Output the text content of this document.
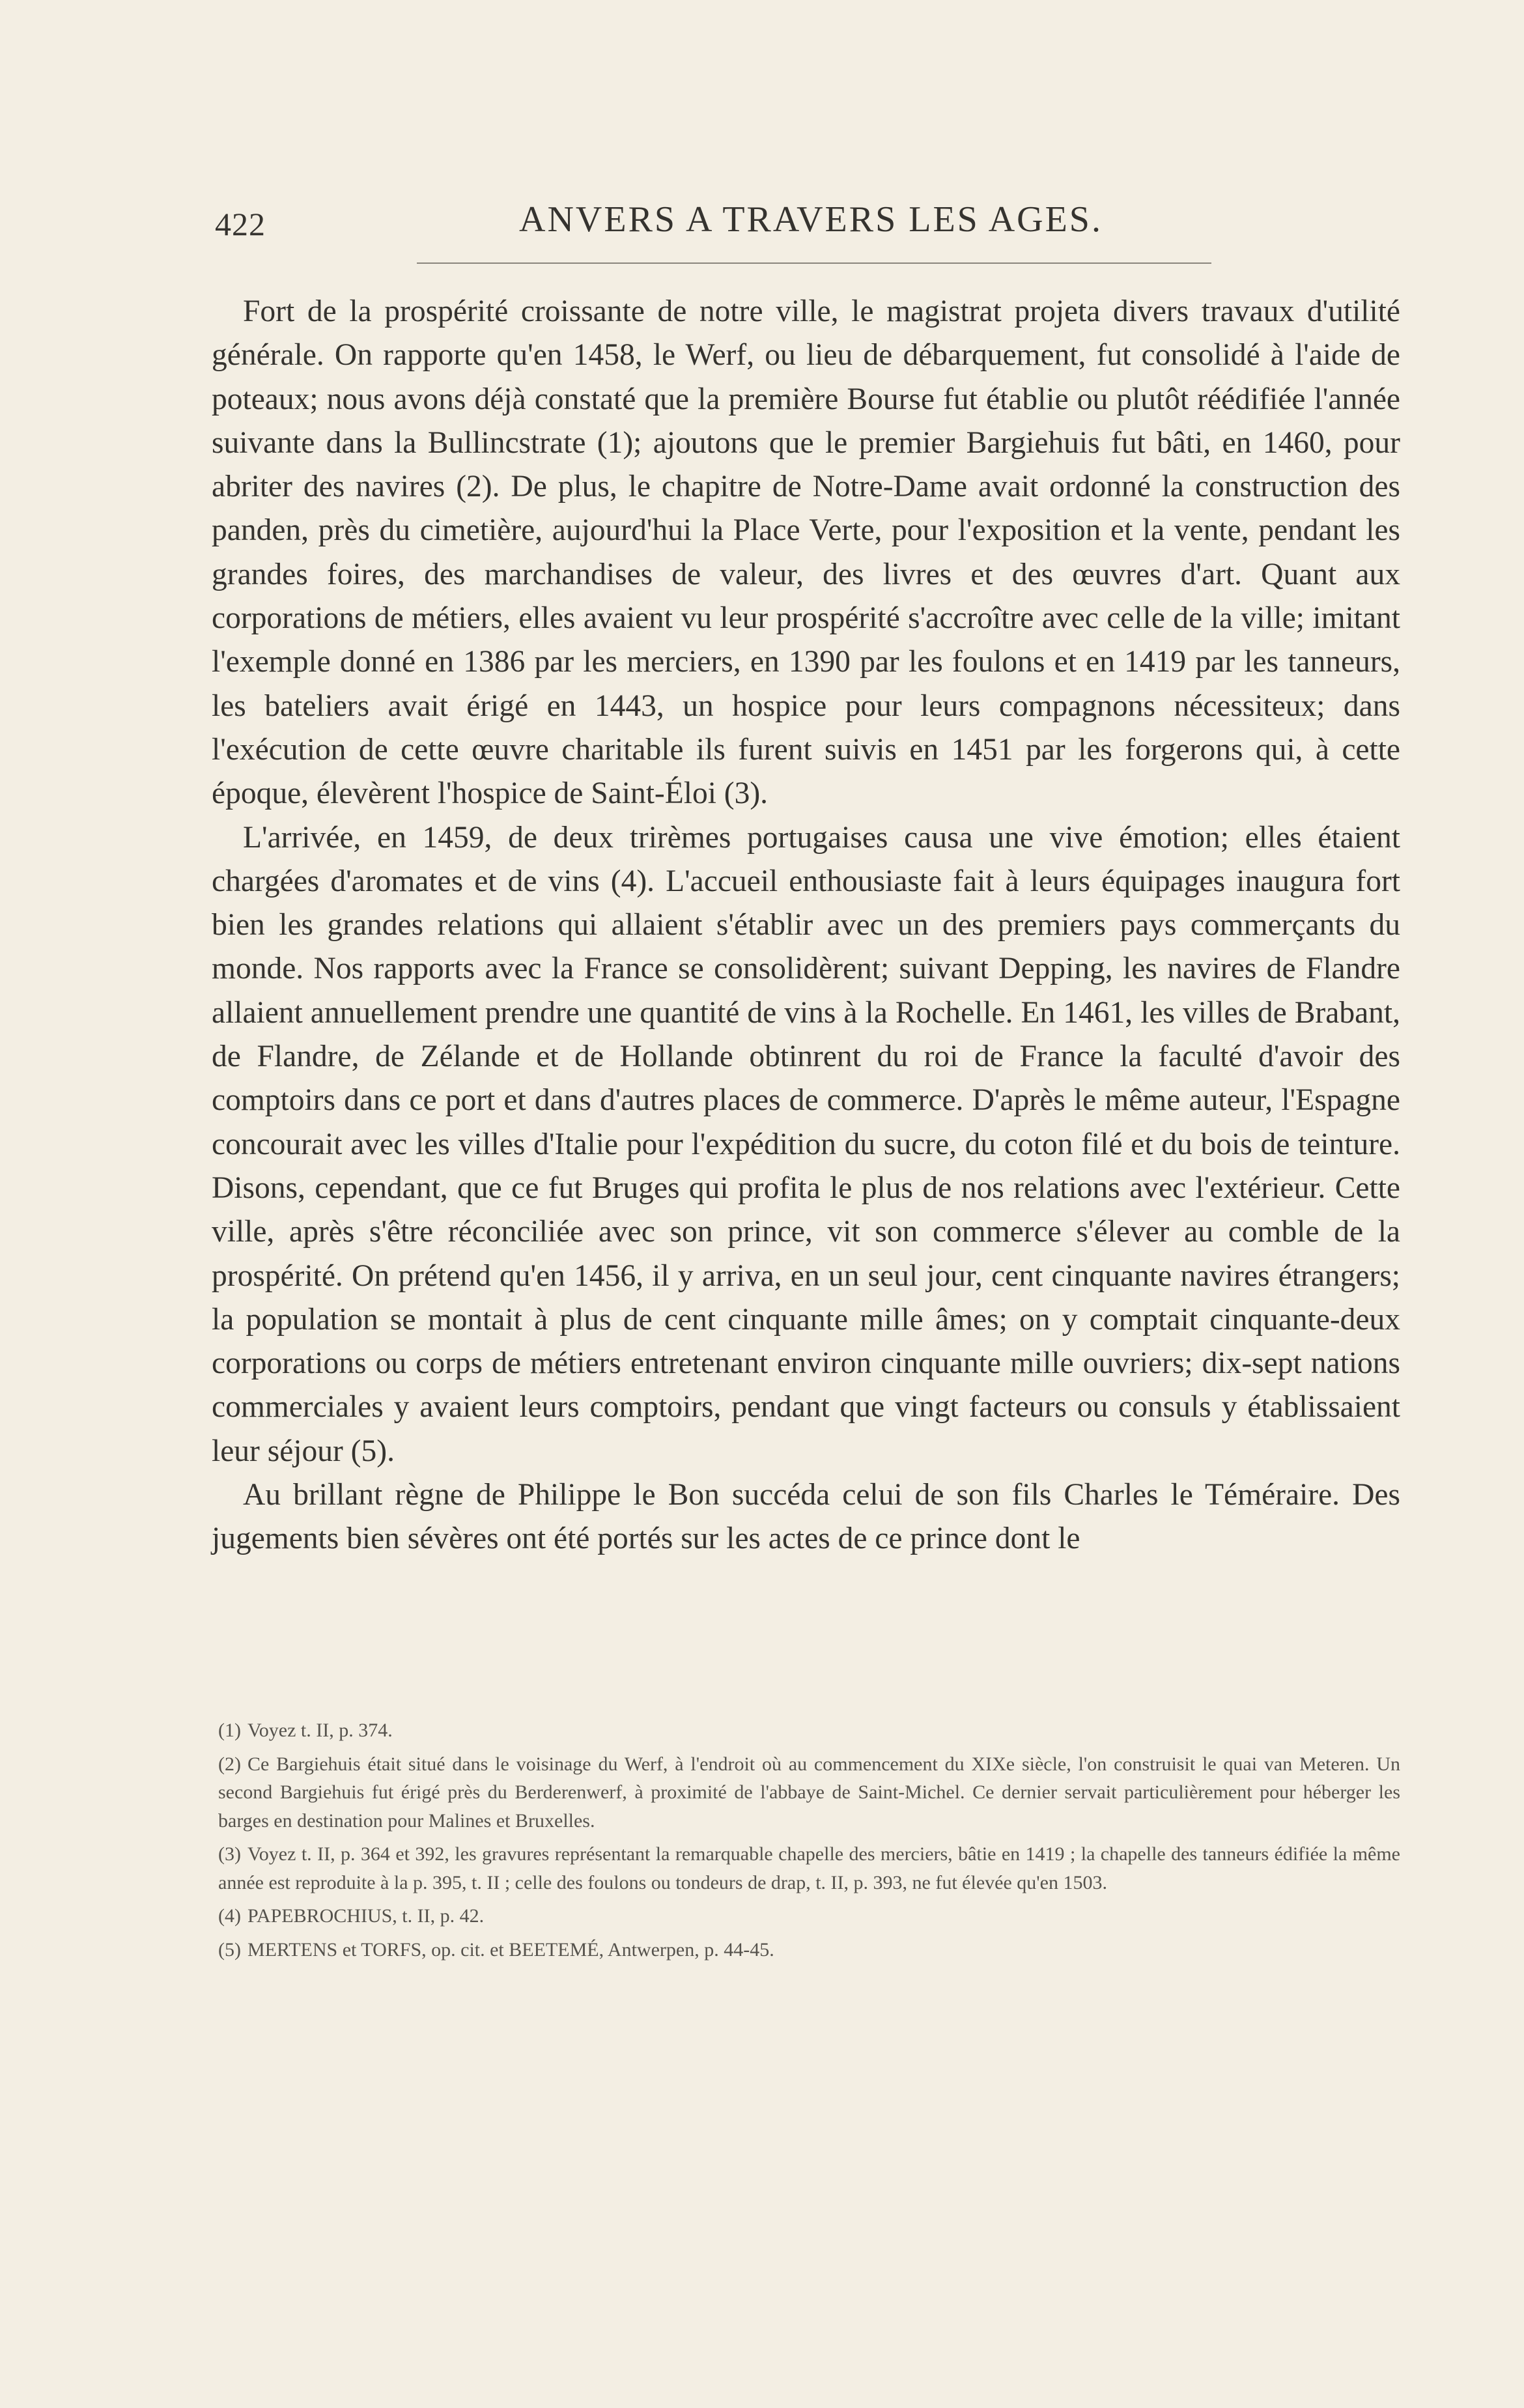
422	ANVERS A TRAVERS LES AGES.

Fort de la prospérité croissante de notre ville, le magistrat projeta divers travaux d'utilité générale. On rapporte qu'en 1458, le Werf, ou lieu de débarquement, fut consolidé à l'aide de poteaux; nous avons déjà constaté que la première Bourse fut établie ou plutôt réédifiée l'année suivante dans la Bullincstrate (1); ajoutons que le premier Bargiehuis fut bâti, en 1460, pour abriter des navires (2). De plus, le chapitre de Notre-Dame avait ordonné la construction des panden, près du cimetière, aujourd'hui la Place Verte, pour l'exposition et la vente, pendant les grandes foires, des marchandises de valeur, des livres et des œuvres d'art. Quant aux corporations de métiers, elles avaient vu leur prospérité s'accroître avec celle de la ville; imitant l'exemple donné en 1386 par les merciers, en 1390 par les foulons et en 1419 par les tanneurs, les bateliers avait érigé en 1443, un hospice pour leurs compagnons nécessiteux; dans l'exécution de cette œuvre charitable ils furent suivis en 1451 par les forgerons qui, à cette époque, élevèrent l'hospice de Saint-Éloi (3).

L'arrivée, en 1459, de deux trirèmes portugaises causa une vive émotion; elles étaient chargées d'aromates et de vins (4). L'accueil enthousiaste fait à leurs équipages inaugura fort bien les grandes relations qui allaient s'établir avec un des premiers pays commerçants du monde. Nos rapports avec la France se consolidèrent; suivant Depping, les navires de Flandre allaient annuellement prendre une quantité de vins à la Rochelle. En 1461, les villes de Brabant, de Flandre, de Zélande et de Hollande obtinrent du roi de France la faculté d'avoir des comptoirs dans ce port et dans d'autres places de commerce. D'après le même auteur, l'Espagne concourait avec les villes d'Italie pour l'expédition du sucre, du coton filé et du bois de teinture. Disons, cependant, que ce fut Bruges qui profita le plus de nos relations avec l'extérieur. Cette ville, après s'être réconciliée avec son prince, vit son commerce s'élever au comble de la prospérité. On prétend qu'en 1456, il y arriva, en un seul jour, cent cinquante navires étrangers; la population se montait à plus de cent cinquante mille âmes; on y comptait cinquante-deux corporations ou corps de métiers entretenant environ cinquante mille ouvriers; dix-sept nations commerciales y avaient leurs comptoirs, pendant que vingt facteurs ou consuls y établissaient leur séjour (5).

Au brillant règne de Philippe le Bon succéda celui de son fils Charles le Téméraire. Des jugements bien sévères ont été portés sur les actes de ce prince dont le

(1) Voyez t. II, p. 374.

(2) Ce Bargiehuis était situé dans le voisinage du Werf, à l'endroit où au commencement du XIXe siècle, l'on construisit le quai van Meteren. Un second Bargiehuis fut érigé près du Berderenwerf, à proximité de l'abbaye de Saint-Michel. Ce dernier servait particulièrement pour héberger les barges en destination pour Malines et Bruxelles.

(3) Voyez t. II, p. 364 et 392, les gravures représentant la remarquable chapelle des merciers, bâtie en 1419 ; la chapelle des tanneurs édifiée la même année est reproduite à la p. 395, t. II ; celle des foulons ou tondeurs de drap, t. II, p. 393, ne fut élevée qu'en 1503.

(4) PAPEBROCHIUS, t. II, p. 42.

(5) MERTENS et TORFS, op. cit. et BEETEMÉ, Antwerpen, p. 44-45.
